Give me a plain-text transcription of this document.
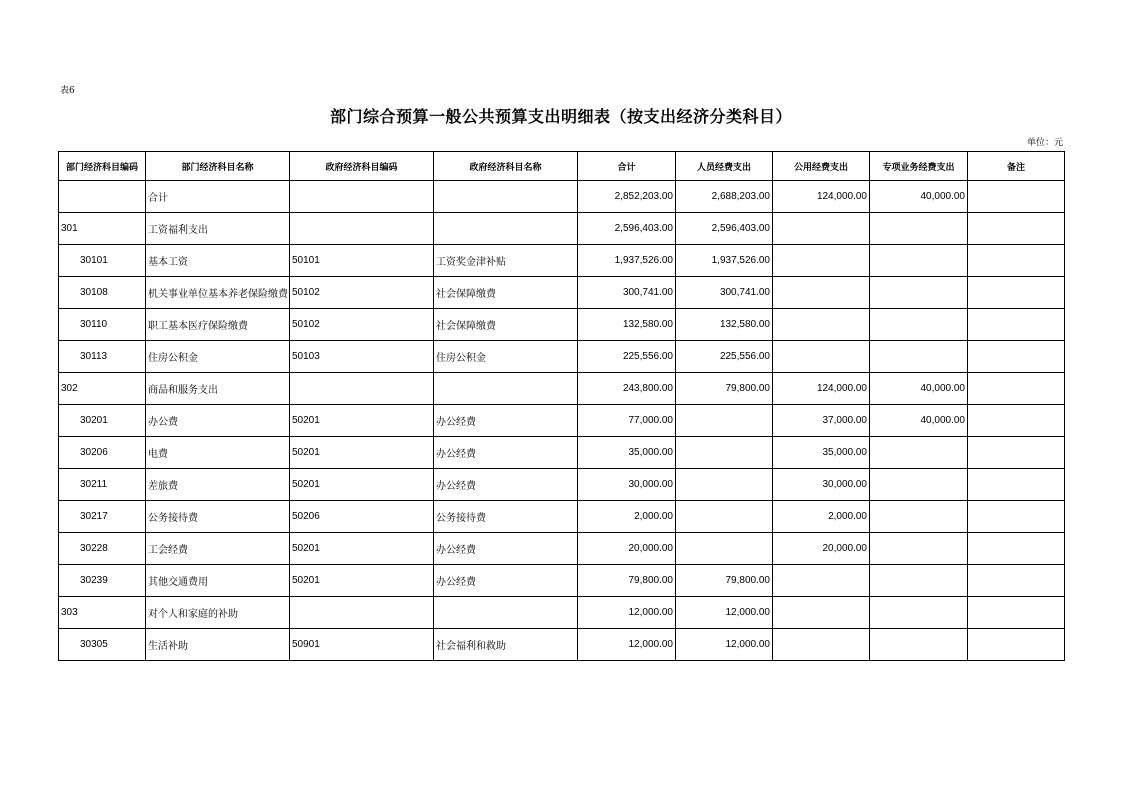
表6
部门综合预算一般公共预算支出明细表（按支出经济分类科目）
单位：元
部门经济科目编码	部门经济科目名称	政府经济科目编码	政府经济科目名称	合计	人员经费支出	公用经费支出	专项业务经费支出	备注
	合计			2,852,203.00	2,688,203.00	124,000.00	40,000.00	
301	工资福利支出			2,596,403.00	2,596,403.00			
30101	基本工资	50101	工资奖金津补贴	1,937,526.00	1,937,526.00			
30108	机关事业单位基本养老保险缴费	50102	社会保障缴费	300,741.00	300,741.00			
30110	职工基本医疗保险缴费	50102	社会保障缴费	132,580.00	132,580.00			
30113	住房公积金	50103	住房公积金	225,556.00	225,556.00			
302	商品和服务支出			243,800.00	79,800.00	124,000.00	40,000.00	
30201	办公费	50201	办公经费	77,000.00		37,000.00	40,000.00	
30206	电费	50201	办公经费	35,000.00		35,000.00		
30211	差旅费	50201	办公经费	30,000.00		30,000.00		
30217	公务接待费	50206	公务接待费	2,000.00		2,000.00		
30228	工会经费	50201	办公经费	20,000.00		20,000.00		
30239	其他交通费用	50201	办公经费	79,800.00	79,800.00			
303	对个人和家庭的补助			12,000.00	12,000.00			
30305	生活补助	50901	社会福利和救助	12,000.00	12,000.00			
